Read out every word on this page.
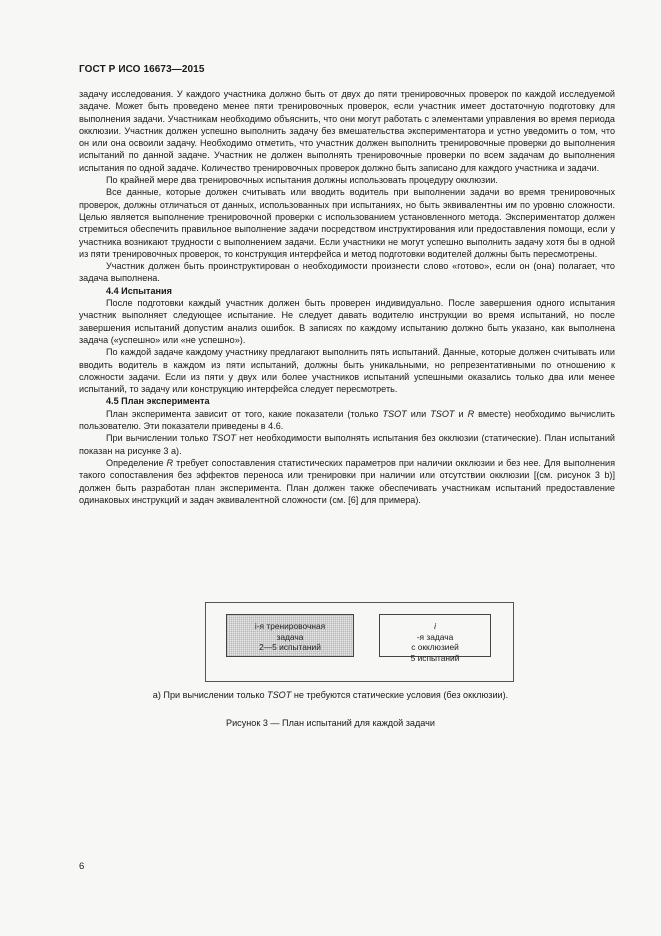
ГОСТ Р ИСО 16673—2015

задачу исследования. У каждого участника должно быть от двух до пяти тренировочных проверок по каждой исследуемой задаче. Может быть проведено менее пяти тренировочных проверок, если участник имеет достаточную подготовку для выполнения задачи. Участникам необходимо объяснить, что они могут работать с элементами управления во время периода окклюзии. Участник должен успешно выполнить задачу без вмешательства экспериментатора и устно уведомить о том, что он или она освоили задачу. Необходимо отметить, что участник должен выполнить тренировочные проверки до выполнения испытаний по данной задаче. Участник не должен выполнять тренировочные проверки по всем задачам до выполнения испытания по одной задаче. Количество тренировочных проверок должно быть записано для каждого участника и задачи.

По крайней мере два тренировочных испытания должны использовать процедуру окклюзии.

Все данные, которые должен считывать или вводить водитель при выполнении задачи во время тренировочных проверок, должны отличаться от данных, использованных при испытаниях, но быть эквивалентны им по уровню сложности. Целью является выполнение тренировочной проверки с использованием установленного метода. Экспериментатор должен стремиться обеспечить правильное выполнение задачи посредством инструктирования или предоставления помощи, если у участника возникают трудности с выполнением задачи. Если участники не могут успешно выполнить задачу хотя бы в одной из пяти тренировочных проверок, то конструкция интерфейса и метод подготовки водителей должны быть пересмотрены.

Участник должен быть проинструктирован о необходимости произнести слово «готово», если он (она) полагает, что задача выполнена.

4.4 Испытания

После подготовки каждый участник должен быть проверен индивидуально. После завершения одного испытания участник выполняет следующее испытание. Не следует давать водителю инструкции во время испытаний, но после завершения испытаний допустим анализ ошибок. В записях по каждому испытанию должно быть указано, как выполнена задача («успешно» или «не успешно»).

По каждой задаче каждому участнику предлагают выполнить пять испытаний. Данные, которые должен считывать или вводить водитель в каждом из пяти испытаний, должны быть уникальными, но репрезентативными по отношению к сложности задачи. Если из пяти у двух или более участников испытаний успешными оказались только два или менее испытаний, то задачу или конструкцию интерфейса следует пересмотреть.

4.5 План эксперимента

План эксперимента зависит от того, какие показатели (только TSOT или TSOT и R вместе) необходимо вычислить пользователю. Эти показатели приведены в 4.6.

При вычислении только TSOT нет необходимости выполнять испытания без окклюзии (статические). План испытаний показан на рисунке 3 а).

Определение R требует сопоставления статистических параметров при наличии окклюзии и без нее. Для выполнения такого сопоставления без эффектов переноса или тренировки при наличии или отсутствии окклюзии [(см. рисунок 3 b)] должен быть разработан план эксперимента. План должен также обеспечивать участникам испытаний предоставление одинаковых инструкций и задач эквивалентной сложности (см. [6] для примера).

i-я тренировочная
задача
2—5 испытаний
i
-я задача
с окклюзией
5 испытаний
а) При вычислении только TSOT не требуются статические условия (без окклюзии).
Рисунок 3 — План испытаний для каждой задачи
6
